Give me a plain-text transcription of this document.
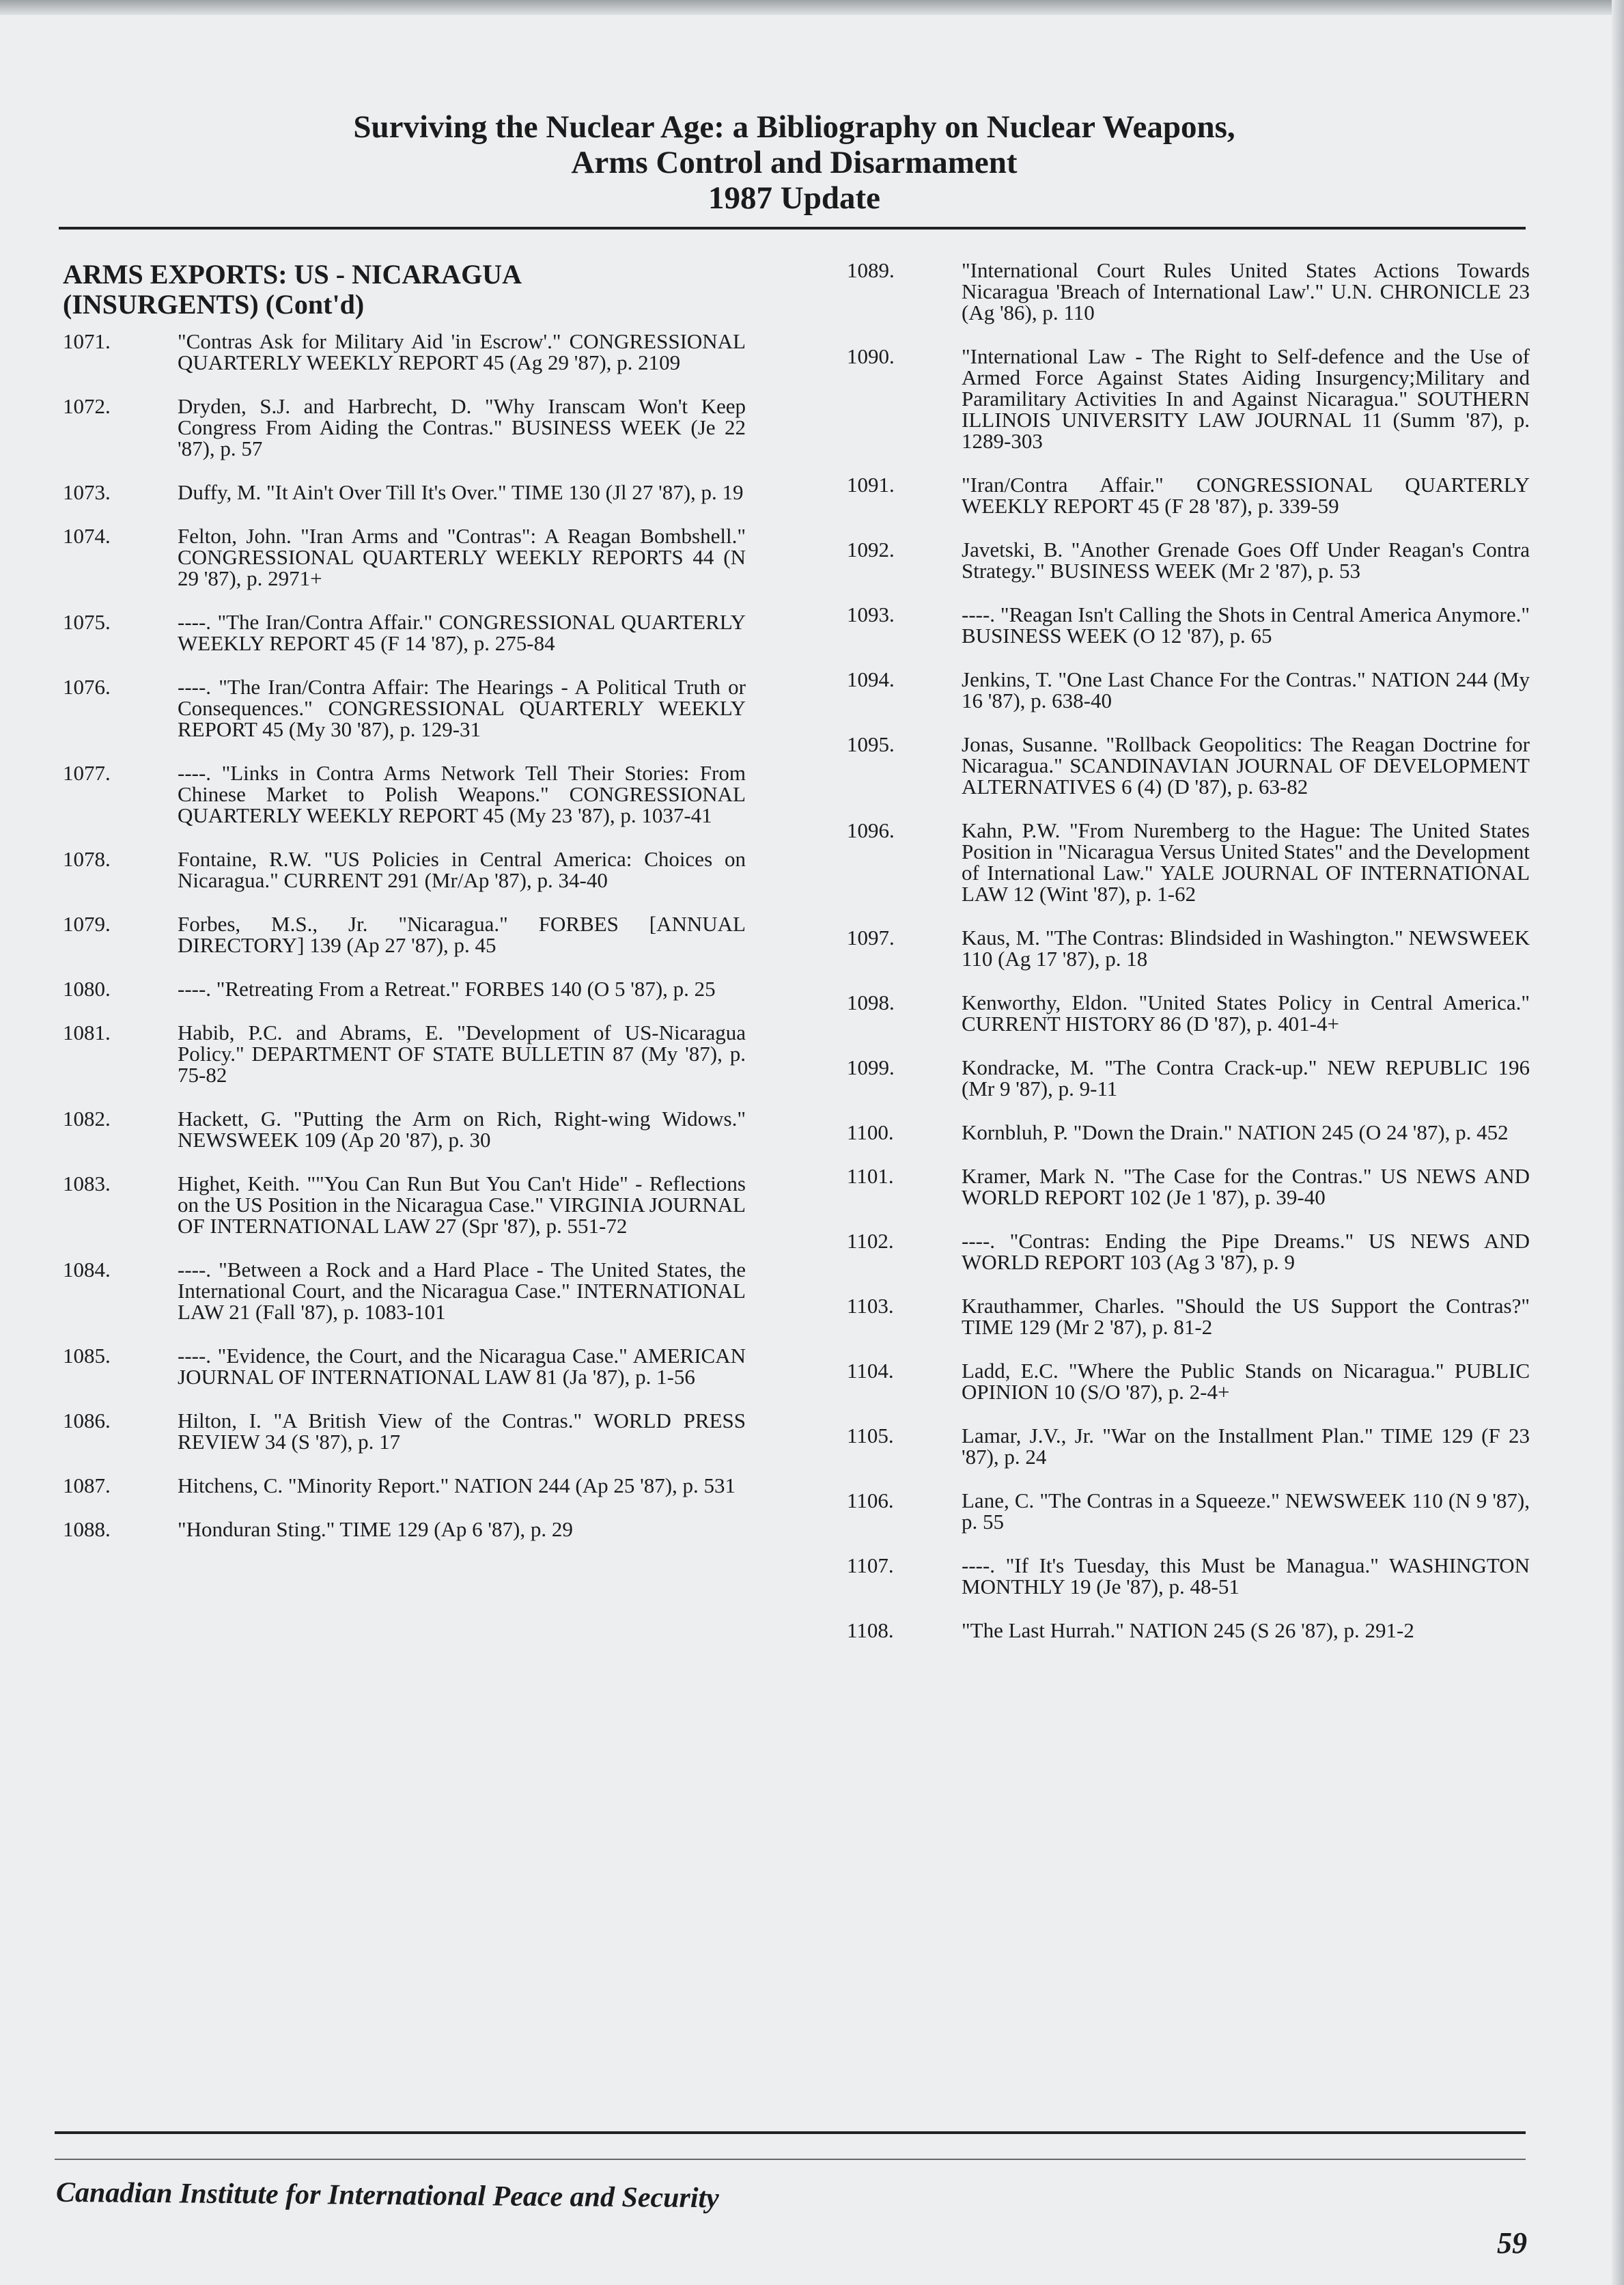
Surviving the Nuclear Age: a Bibliography on Nuclear Weapons,
Arms Control and Disarmament
1987 Update
ARMS EXPORTS: US - NICARAGUA
(INSURGENTS) (Cont'd)
1071.	"Contras Ask for Military Aid 'in Escrow'." CONGRESSIONAL QUARTERLY WEEKLY REPORT 45 (Ag 29 '87), p. 2109
1072.	Dryden, S.J. and Harbrecht, D. "Why Iranscam Won't Keep Congress From Aiding the Contras." BUSINESS WEEK (Je 22 '87), p. 57
1073.	Duffy, M. "It Ain't Over Till It's Over." TIME 130 (Jl 27 '87), p. 19
1074.	Felton, John. "Iran Arms and "Contras": A Reagan Bombshell." CONGRESSIONAL QUARTERLY WEEKLY REPORTS 44 (N 29 '87), p. 2971+
1075.	----. "The Iran/Contra Affair." CONGRESSIONAL QUARTERLY WEEKLY REPORT 45 (F 14 '87), p. 275-84
1076.	----. "The Iran/Contra Affair: The Hearings - A Political Truth or Consequences." CONGRESSIONAL QUARTERLY WEEKLY REPORT 45 (My 30 '87), p. 129-31
1077.	----. "Links in Contra Arms Network Tell Their Stories: From Chinese Market to Polish Weapons." CONGRESSIONAL QUARTERLY WEEKLY REPORT 45 (My 23 '87), p. 1037-41
1078.	Fontaine, R.W. "US Policies in Central America: Choices on Nicaragua." CURRENT 291 (Mr/Ap '87), p. 34-40
1079.	Forbes, M.S., Jr. "Nicaragua." FORBES [ANNUAL DIRECTORY] 139 (Ap 27 '87), p. 45
1080.	----. "Retreating From a Retreat." FORBES 140 (O 5 '87), p. 25
1081.	Habib, P.C. and Abrams, E. "Development of US-Nicaragua Policy." DEPARTMENT OF STATE BULLETIN 87 (My '87), p. 75-82
1082.	Hackett, G. "Putting the Arm on Rich, Right-wing Widows." NEWSWEEK 109 (Ap 20 '87), p. 30
1083.	Highet, Keith. ""You Can Run But You Can't Hide" - Reflections on the US Position in the Nicaragua Case." VIRGINIA JOURNAL OF INTERNATIONAL LAW 27 (Spr '87), p. 551-72
1084.	----. "Between a Rock and a Hard Place - The United States, the International Court, and the Nicaragua Case." INTERNATIONAL LAW 21 (Fall '87), p. 1083-101
1085.	----. "Evidence, the Court, and the Nicaragua Case." AMERICAN JOURNAL OF INTERNATIONAL LAW 81 (Ja '87), p. 1-56
1086.	Hilton, I. "A British View of the Contras." WORLD PRESS REVIEW 34 (S '87), p. 17
1087.	Hitchens, C. "Minority Report." NATION 244 (Ap 25 '87), p. 531
1088.	"Honduran Sting." TIME 129 (Ap 6 '87), p. 29
1089.	"International Court Rules United States Actions Towards Nicaragua 'Breach of International Law'." U.N. CHRONICLE 23 (Ag '86), p. 110
1090.	"International Law - The Right to Self-defence and the Use of Armed Force Against States Aiding Insurgency;Military and Paramilitary Activities In and Against Nicaragua." SOUTHERN ILLINOIS UNIVERSITY LAW JOURNAL 11 (Summ '87), p. 1289-303
1091.	"Iran/Contra Affair." CONGRESSIONAL QUARTERLY WEEKLY REPORT 45 (F 28 '87), p. 339-59
1092.	Javetski, B. "Another Grenade Goes Off Under Reagan's Contra Strategy." BUSINESS WEEK (Mr 2 '87), p. 53
1093.	----. "Reagan Isn't Calling the Shots in Central America Anymore." BUSINESS WEEK (O 12 '87), p. 65
1094.	Jenkins, T. "One Last Chance For the Contras." NATION 244 (My 16 '87), p. 638-40
1095.	Jonas, Susanne. "Rollback Geopolitics: The Reagan Doctrine for Nicaragua." SCANDINAVIAN JOURNAL OF DEVELOPMENT ALTERNATIVES 6 (4) (D '87), p. 63-82
1096.	Kahn, P.W. "From Nuremberg to the Hague: The United States Position in "Nicaragua Versus United States" and the Development of International Law." YALE JOURNAL OF INTERNATIONAL LAW 12 (Wint '87), p. 1-62
1097.	Kaus, M. "The Contras: Blindsided in Washington." NEWSWEEK 110 (Ag 17 '87), p. 18
1098.	Kenworthy, Eldon. "United States Policy in Central America." CURRENT HISTORY 86 (D '87), p. 401-4+
1099.	Kondracke, M. "The Contra Crack-up." NEW REPUBLIC 196 (Mr 9 '87), p. 9-11
1100.	Kornbluh, P. "Down the Drain." NATION 245 (O 24 '87), p. 452
1101.	Kramer, Mark N. "The Case for the Contras." US NEWS AND WORLD REPORT 102 (Je 1 '87), p. 39-40
1102.	----. "Contras: Ending the Pipe Dreams." US NEWS AND WORLD REPORT 103 (Ag 3 '87), p. 9
1103.	Krauthammer, Charles. "Should the US Support the Contras?" TIME 129 (Mr 2 '87), p. 81-2
1104.	Ladd, E.C. "Where the Public Stands on Nicaragua." PUBLIC OPINION 10 (S/O '87), p. 2-4+
1105.	Lamar, J.V., Jr. "War on the Installment Plan." TIME 129 (F 23 '87), p. 24
1106.	Lane, C. "The Contras in a Squeeze." NEWSWEEK 110 (N 9 '87), p. 55
1107.	----. "If It's Tuesday, this Must be Managua." WASHINGTON MONTHLY 19 (Je '87), p. 48-51
1108.	"The Last Hurrah." NATION 245 (S 26 '87), p. 291-2
Canadian Institute for International Peace and Security
59
